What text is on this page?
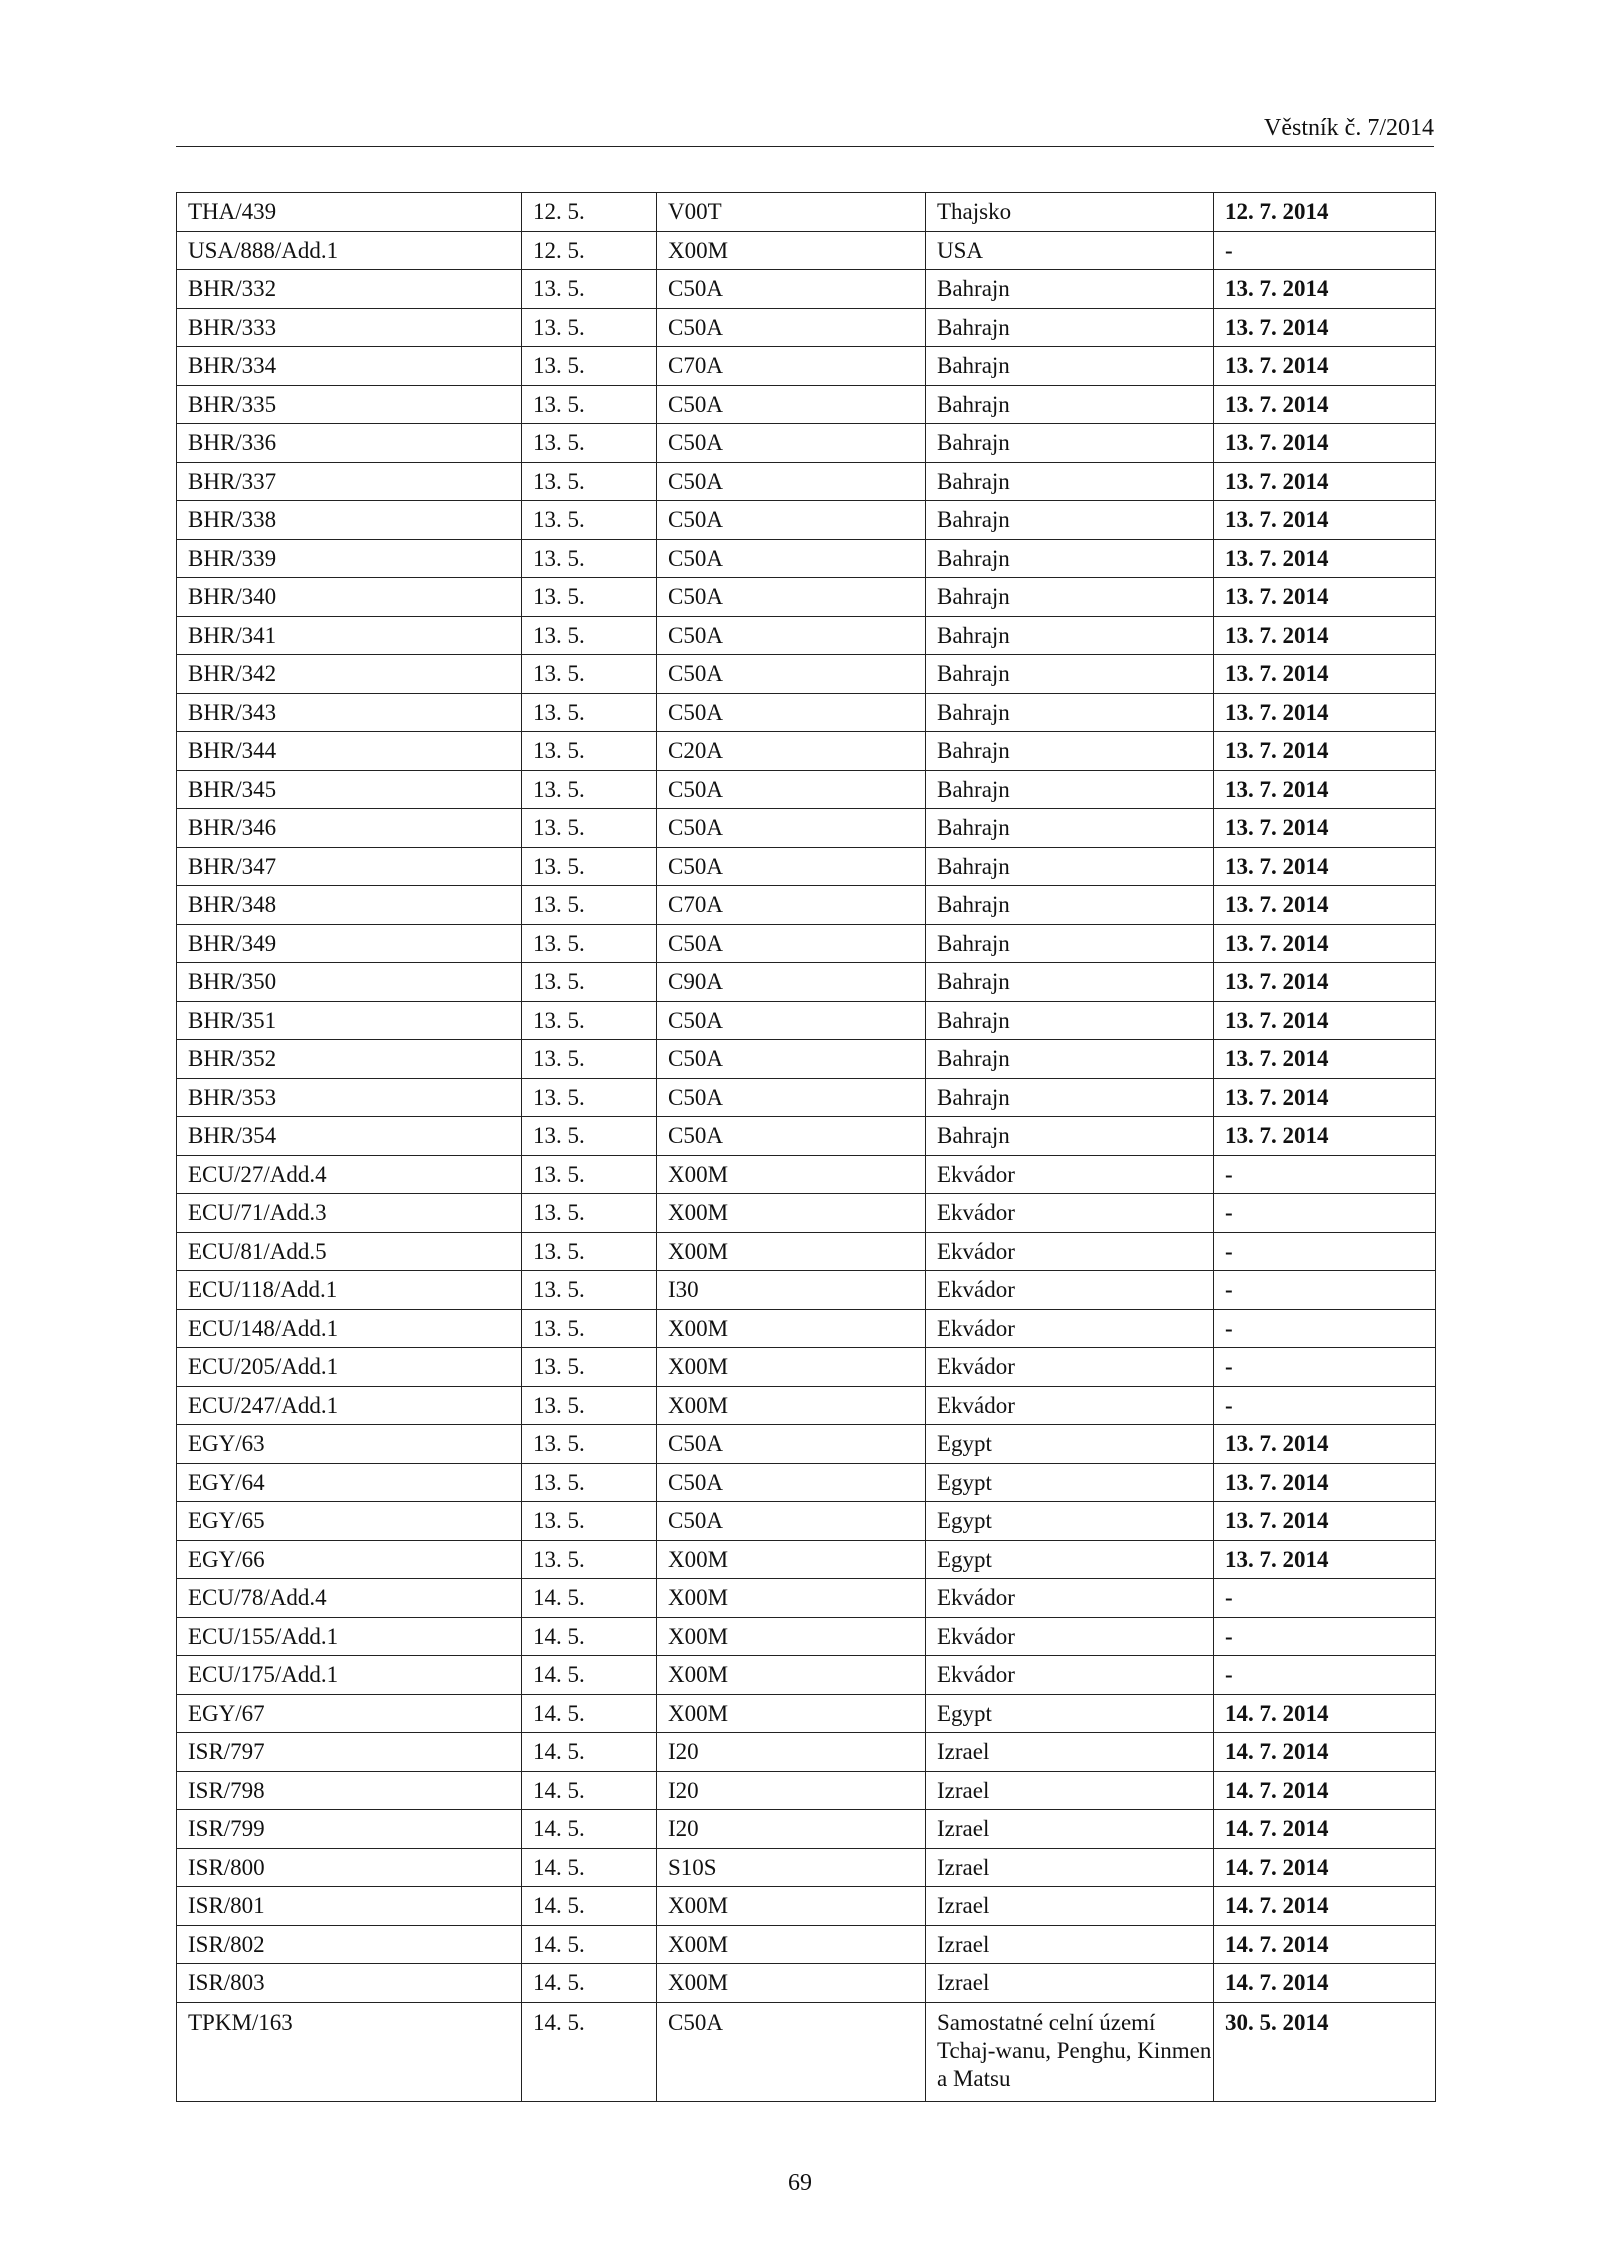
Věstník č. 7/2014
THA/439	12. 5.	V00T	Thajsko	12. 7. 2014
USA/888/Add.1	12. 5.	X00M	USA	-
BHR/332	13. 5.	C50A	Bahrajn	13. 7. 2014
BHR/333	13. 5.	C50A	Bahrajn	13. 7. 2014
BHR/334	13. 5.	C70A	Bahrajn	13. 7. 2014
BHR/335	13. 5.	C50A	Bahrajn	13. 7. 2014
BHR/336	13. 5.	C50A	Bahrajn	13. 7. 2014
BHR/337	13. 5.	C50A	Bahrajn	13. 7. 2014
BHR/338	13. 5.	C50A	Bahrajn	13. 7. 2014
BHR/339	13. 5.	C50A	Bahrajn	13. 7. 2014
BHR/340	13. 5.	C50A	Bahrajn	13. 7. 2014
BHR/341	13. 5.	C50A	Bahrajn	13. 7. 2014
BHR/342	13. 5.	C50A	Bahrajn	13. 7. 2014
BHR/343	13. 5.	C50A	Bahrajn	13. 7. 2014
BHR/344	13. 5.	C20A	Bahrajn	13. 7. 2014
BHR/345	13. 5.	C50A	Bahrajn	13. 7. 2014
BHR/346	13. 5.	C50A	Bahrajn	13. 7. 2014
BHR/347	13. 5.	C50A	Bahrajn	13. 7. 2014
BHR/348	13. 5.	C70A	Bahrajn	13. 7. 2014
BHR/349	13. 5.	C50A	Bahrajn	13. 7. 2014
BHR/350	13. 5.	C90A	Bahrajn	13. 7. 2014
BHR/351	13. 5.	C50A	Bahrajn	13. 7. 2014
BHR/352	13. 5.	C50A	Bahrajn	13. 7. 2014
BHR/353	13. 5.	C50A	Bahrajn	13. 7. 2014
BHR/354	13. 5.	C50A	Bahrajn	13. 7. 2014
ECU/27/Add.4	13. 5.	X00M	Ekvádor	-
ECU/71/Add.3	13. 5.	X00M	Ekvádor	-
ECU/81/Add.5	13. 5.	X00M	Ekvádor	-
ECU/118/Add.1	13. 5.	I30	Ekvádor	-
ECU/148/Add.1	13. 5.	X00M	Ekvádor	-
ECU/205/Add.1	13. 5.	X00M	Ekvádor	-
ECU/247/Add.1	13. 5.	X00M	Ekvádor	-
EGY/63	13. 5.	C50A	Egypt	13. 7. 2014
EGY/64	13. 5.	C50A	Egypt	13. 7. 2014
EGY/65	13. 5.	C50A	Egypt	13. 7. 2014
EGY/66	13. 5.	X00M	Egypt	13. 7. 2014
ECU/78/Add.4	14. 5.	X00M	Ekvádor	-
ECU/155/Add.1	14. 5.	X00M	Ekvádor	-
ECU/175/Add.1	14. 5.	X00M	Ekvádor	-
EGY/67	14. 5.	X00M	Egypt	14. 7. 2014
ISR/797	14. 5.	I20	Izrael	14. 7. 2014
ISR/798	14. 5.	I20	Izrael	14. 7. 2014
ISR/799	14. 5.	I20	Izrael	14. 7. 2014
ISR/800	14. 5.	S10S	Izrael	14. 7. 2014
ISR/801	14. 5.	X00M	Izrael	14. 7. 2014
ISR/802	14. 5.	X00M	Izrael	14. 7. 2014
ISR/803	14. 5.	X00M	Izrael	14. 7. 2014
TPKM/163	14. 5.	C50A	Samostatné celní území Tchaj-wanu, Penghu, Kinmen a Matsu	30. 5. 2014
69
